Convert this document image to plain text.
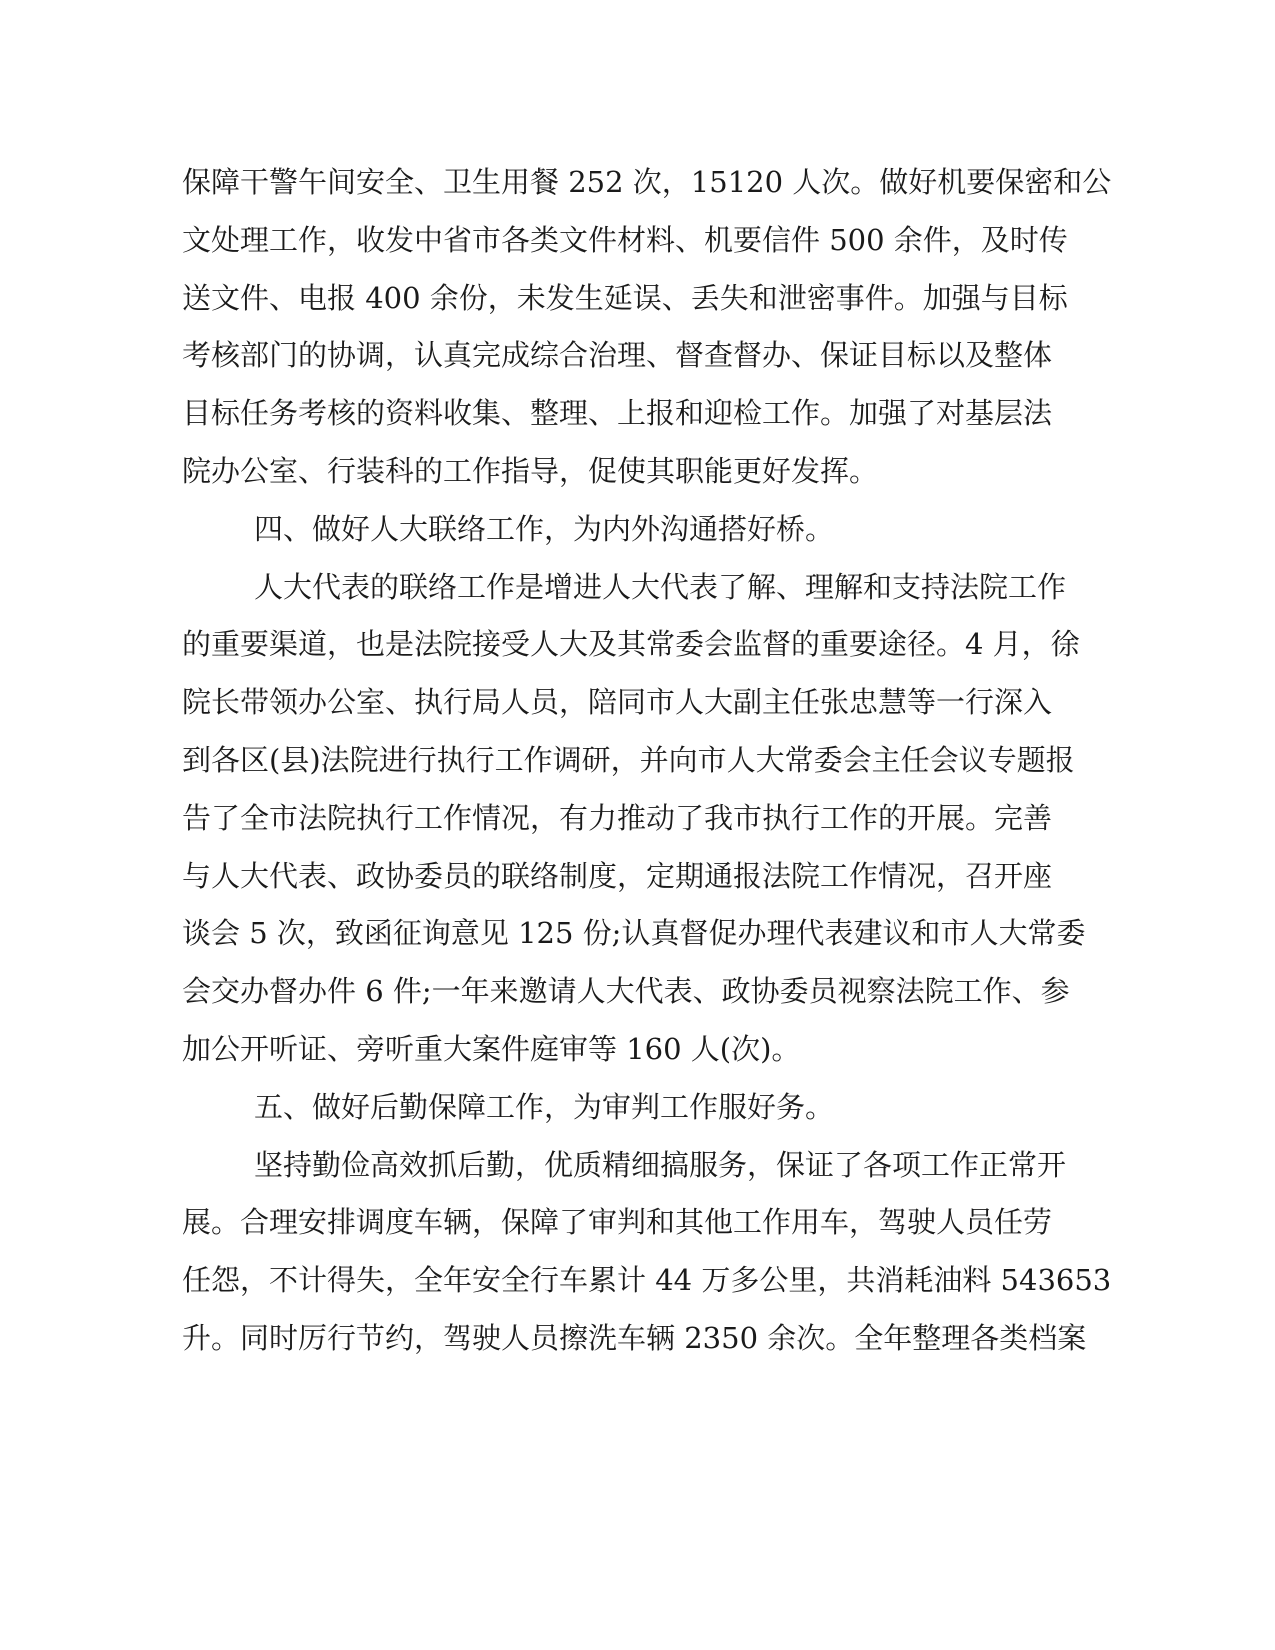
保障干警午间安全、卫生用餐 252 次，15120 人次。做好机要保密和公
文处理工作，收发中省市各类文件材料、机要信件 500 余件，及时传
送文件、电报 400 余份，未发生延误、丢失和泄密事件。加强与目标
考核部门的协调，认真完成综合治理、督查督办、保证目标以及整体
目标任务考核的资料收集、整理、上报和迎检工作。加强了对基层法
院办公室、行装科的工作指导，促使其职能更好发挥。
四、做好人大联络工作，为内外沟通搭好桥。
人大代表的联络工作是增进人大代表了解、理解和支持法院工作
的重要渠道，也是法院接受人大及其常委会监督的重要途径。4 月，徐
院长带领办公室、执行局人员，陪同市人大副主任张忠慧等一行深入
到各区(县)法院进行执行工作调研，并向市人大常委会主任会议专题报
告了全市法院执行工作情况，有力推动了我市执行工作的开展。完善
与人大代表、政协委员的联络制度，定期通报法院工作情况，召开座
谈会 5 次，致函征询意见 125 份;认真督促办理代表建议和市人大常委
会交办督办件 6 件;一年来邀请人大代表、政协委员视察法院工作、参
加公开听证、旁听重大案件庭审等 160 人(次)。
五、做好后勤保障工作，为审判工作服好务。
坚持勤俭高效抓后勤，优质精细搞服务，保证了各项工作正常开
展。合理安排调度车辆，保障了审判和其他工作用车，驾驶人员任劳
任怨，不计得失，全年安全行车累计 44 万多公里，共消耗油料 543653
升。同时厉行节约，驾驶人员擦洗车辆 2350 余次。全年整理各类档案
